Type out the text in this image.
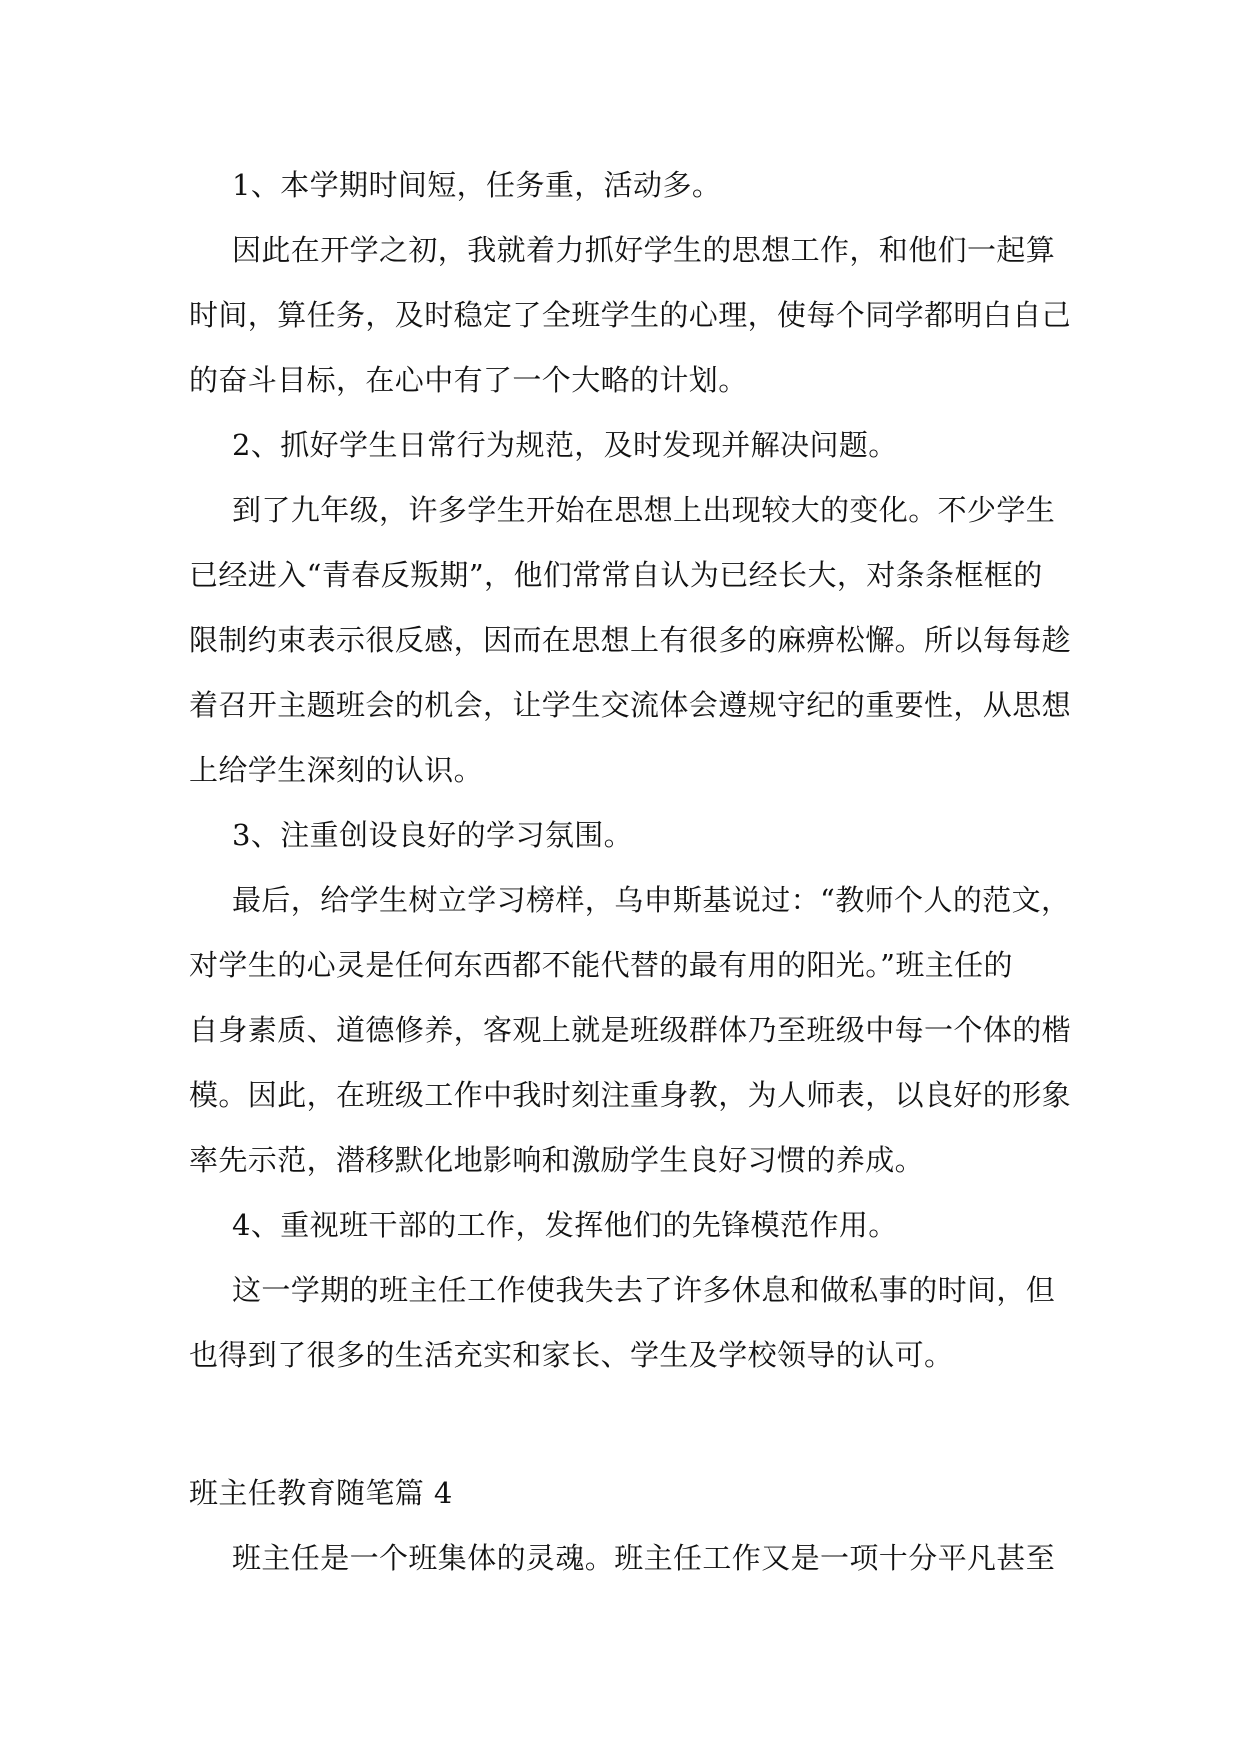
1、本学期时间短，任务重，活动多。

因此在开学之初，我就着力抓好学生的思想工作，和他们一起算

时间，算任务，及时稳定了全班学生的心理，使每个同学都明白自己

的奋斗目标，在心中有了一个大略的计划。

2、抓好学生日常行为规范，及时发现并解决问题。

到了九年级，许多学生开始在思想上出现较大的变化。不少学生

已经进入“青春反叛期”，他们常常自认为已经长大，对条条框框的

限制约束表示很反感，因而在思想上有很多的麻痹松懈。所以每每趁

着召开主题班会的机会，让学生交流体会遵规守纪的重要性，从思想

上给学生深刻的认识。

3、注重创设良好的学习氛围。

最后，给学生树立学习榜样，乌申斯基说过：“教师个人的范文，

对学生的心灵是任何东西都不能代替的最有用的阳光。”班主任的

自身素质、道德修养，客观上就是班级群体乃至班级中每一个体的楷

模。因此，在班级工作中我时刻注重身教，为人师表，以良好的形象

率先示范，潜移默化地影响和激励学生良好习惯的养成。

4、重视班干部的工作，发挥他们的先锋模范作用。

这一学期的班主任工作使我失去了许多休息和做私事的时间，但

也得到了很多的生活充实和家长、学生及学校领导的认可。

班主任教育随笔篇 4

班主任是一个班集体的灵魂。班主任工作又是一项十分平凡甚至
